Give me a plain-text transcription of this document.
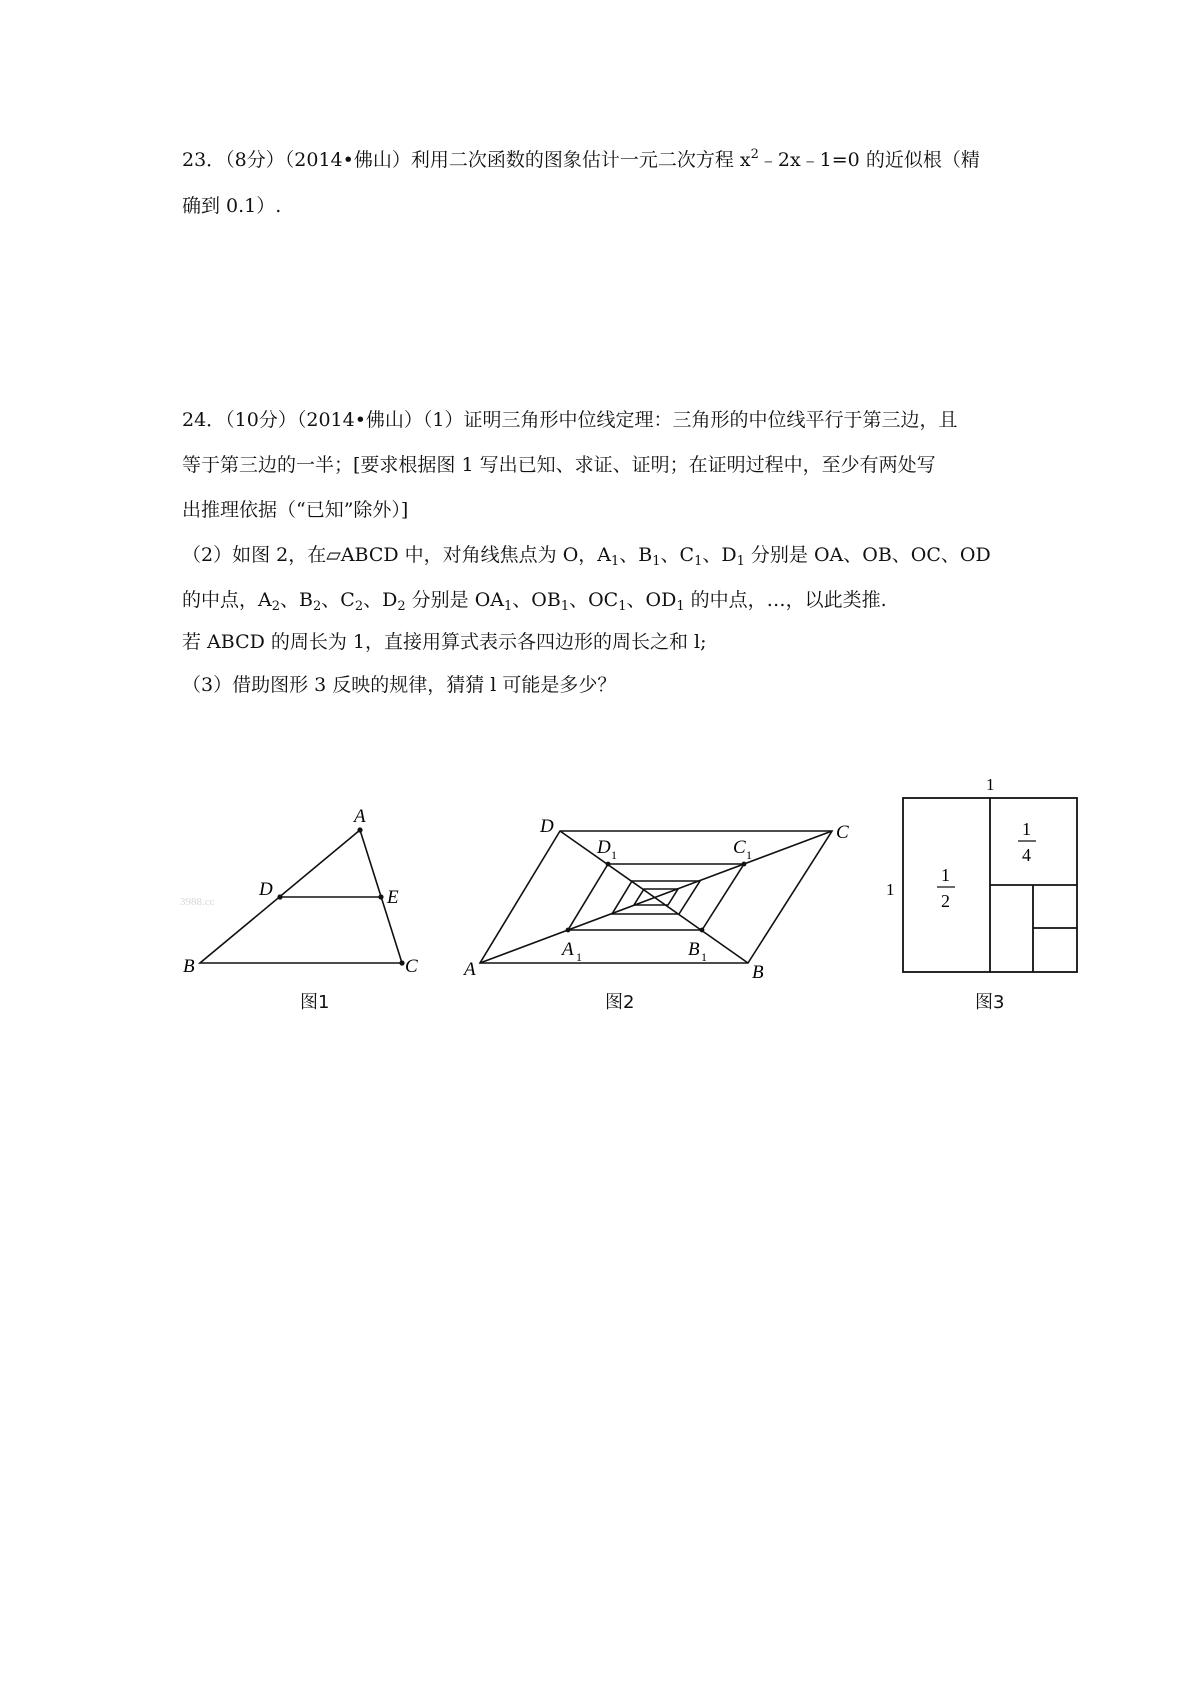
23．（8分）（2014•佛山）利用二次函数的图象估计一元二次方程 $x^2﹣2x﹣1=0$ 的近似根（精
确到 0.1）.
24．（10分）（2014•佛山）（1）证明三角形中位线定理：三角形的中位线平行于第三边，且
等于第三边的一半；[要求根据图 1 写出已知、求证、证明；在证明过程中，至少有两处写
出推理依据（“已知”除外）]
（2）如图 2，在▱ABCD 中，对角线焦点为 O，$A_1$、$B_1$、$C_1$、$D_1$ 分别是 OA、OB、OC、OD
的中点，$A_2$、$B_2$、$C_2$、$D_2$ 分别是 $OA_1$、$OB_1$、$OC_1$、$OD_1$ 的中点，…，以此类推.
若 ABCD 的周长为 1，直接用算式表示各四边形的周长之和 l;
（3）借助图形 3 反映的规律，猜猜 l 可能是多少？
A
D	E
B	C
3988.cc
A	B
C
D
A 1	B 1
C 1
D 1
1
1
1
2
1
4
图1	图2	图3
